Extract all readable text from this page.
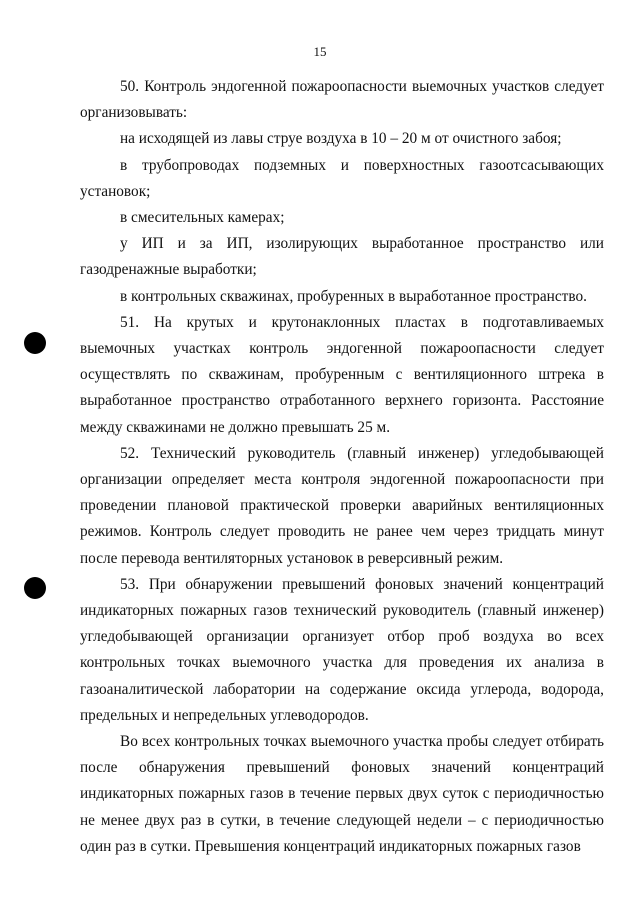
15

50. Контроль эндогенной пожароопасности выемочных участков следует организовывать:

на исходящей из лавы струе воздуха в 10 – 20 м от очистного забоя;

в трубопроводах подземных и поверхностных газоотсасывающих установок;

в смесительных камерах;

у ИП и за ИП, изолирующих выработанное пространство или газодренажные выработки;

в контрольных скважинах, пробуренных в выработанное пространство.

51. На крутых и крутонаклонных пластах в подготавливаемых выемочных участках контроль эндогенной пожароопасности следует осуществлять по скважинам, пробуренным с вентиляционного штрека в выработанное пространство отработанного верхнего горизонта. Расстояние между скважинами не должно превышать 25 м.

52. Технический руководитель (главный инженер) угледобывающей организации определяет места контроля эндогенной пожароопасности при проведении плановой практической проверки аварийных вентиляционных режимов. Контроль следует проводить не ранее чем через тридцать минут после перевода вентиляторных установок в реверсивный режим.

53. При обнаружении превышений фоновых значений концентраций индикаторных пожарных газов технический руководитель (главный инженер) угледобывающей организации организует отбор проб воздуха во всех контрольных точках выемочного участка для проведения их анализа в газоаналитической лаборатории на содержание оксида углерода, водорода, предельных и непредельных углеводородов.

Во всех контрольных точках выемочного участка пробы следует отбирать после обнаружения превышений фоновых значений концентраций индикаторных пожарных газов в течение первых двух суток с периодичностью не менее двух раз в сутки, в течение следующей недели – с периодичностью один раз в сутки. Превышения концентраций индикаторных пожарных газов
